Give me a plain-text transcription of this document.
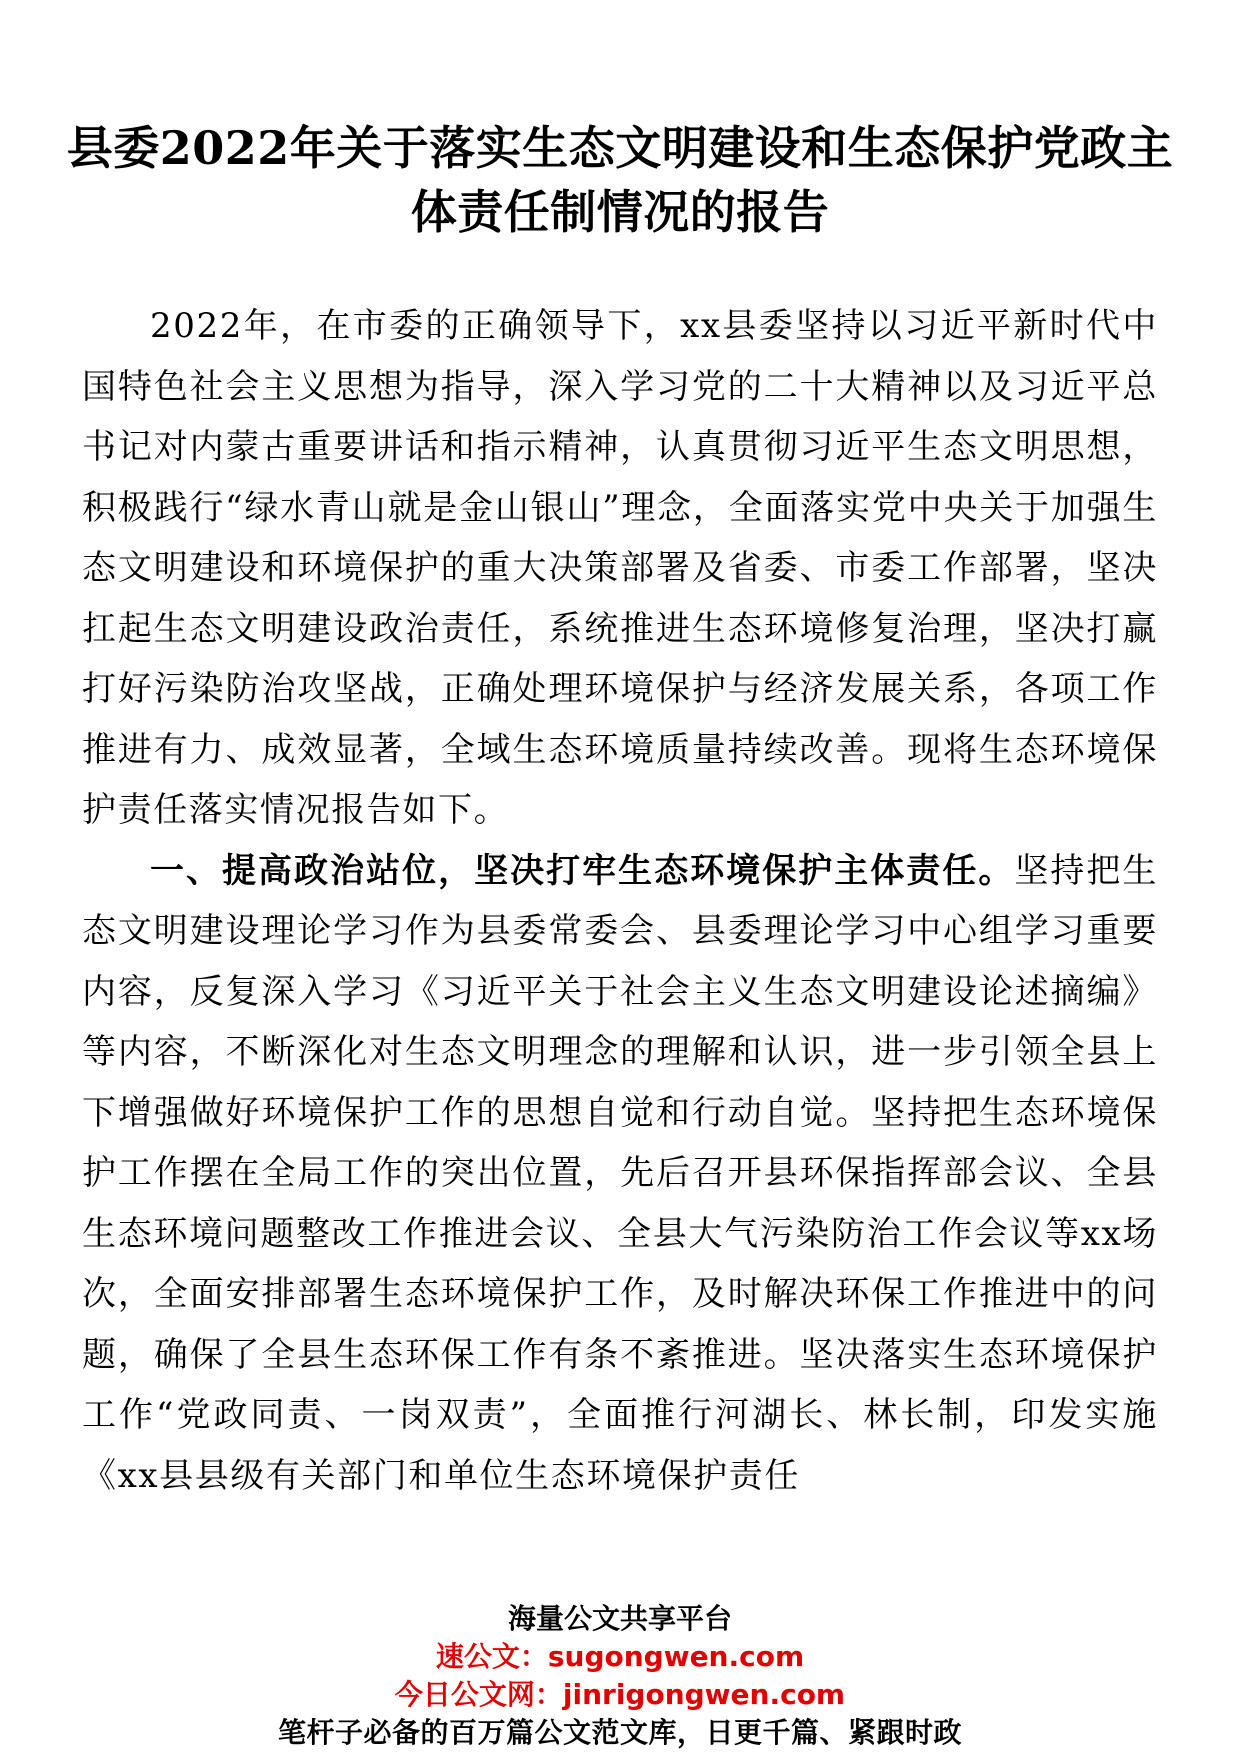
县委2022年关于落实生态文明建设和生态保护党政主体责任制情况的报告

2022年，在市委的正确领导下，xx县委坚持以习近平新时代中国特色社会主义思想为指导，深入学习党的二十大精神以及习近平总书记对内蒙古重要讲话和指示精神，认真贯彻习近平生态文明思想，积极践行“绿水青山就是金山银山”理念，全面落实党中央关于加强生态文明建设和环境保护的重大决策部署及省委、市委工作部署，坚决扛起生态文明建设政治责任，系统推进生态环境修复治理，坚决打赢打好污染防治攻坚战，正确处理环境保护与经济发展关系，各项工作推进有力、成效显著，全域生态环境质量持续改善。现将生态环境保护责任落实情况报告如下。

一、提高政治站位，坚决打牢生态环境保护主体责任。坚持把生态文明建设理论学习作为县委常委会、县委理论学习中心组学习重要内容，反复深入学习《习近平关于社会主义生态文明建设论述摘编》等内容，不断深化对生态文明理念的理解和认识，进一步引领全县上下增强做好环境保护工作的思想自觉和行动自觉。坚持把生态环境保护工作摆在全局工作的突出位置，先后召开县环保指挥部会议、全县生态环境问题整改工作推进会议、全县大气污染防治工作会议等xx场次，全面安排部署生态环境保护工作，及时解决环保工作推进中的问题，确保了全县生态环保工作有条不紊推进。坚决落实生态环境保护工作“党政同责、一岗双责”，全面推行河湖长、林长制，印发实施《xx县县级有关部门和单位生态环境保护责任

海量公文共享平台
速公文：sugongwen.com
今日公文网：jinrigongwen.com
笔杆子必备的百万篇公文范文库，日更千篇、紧跟时政
